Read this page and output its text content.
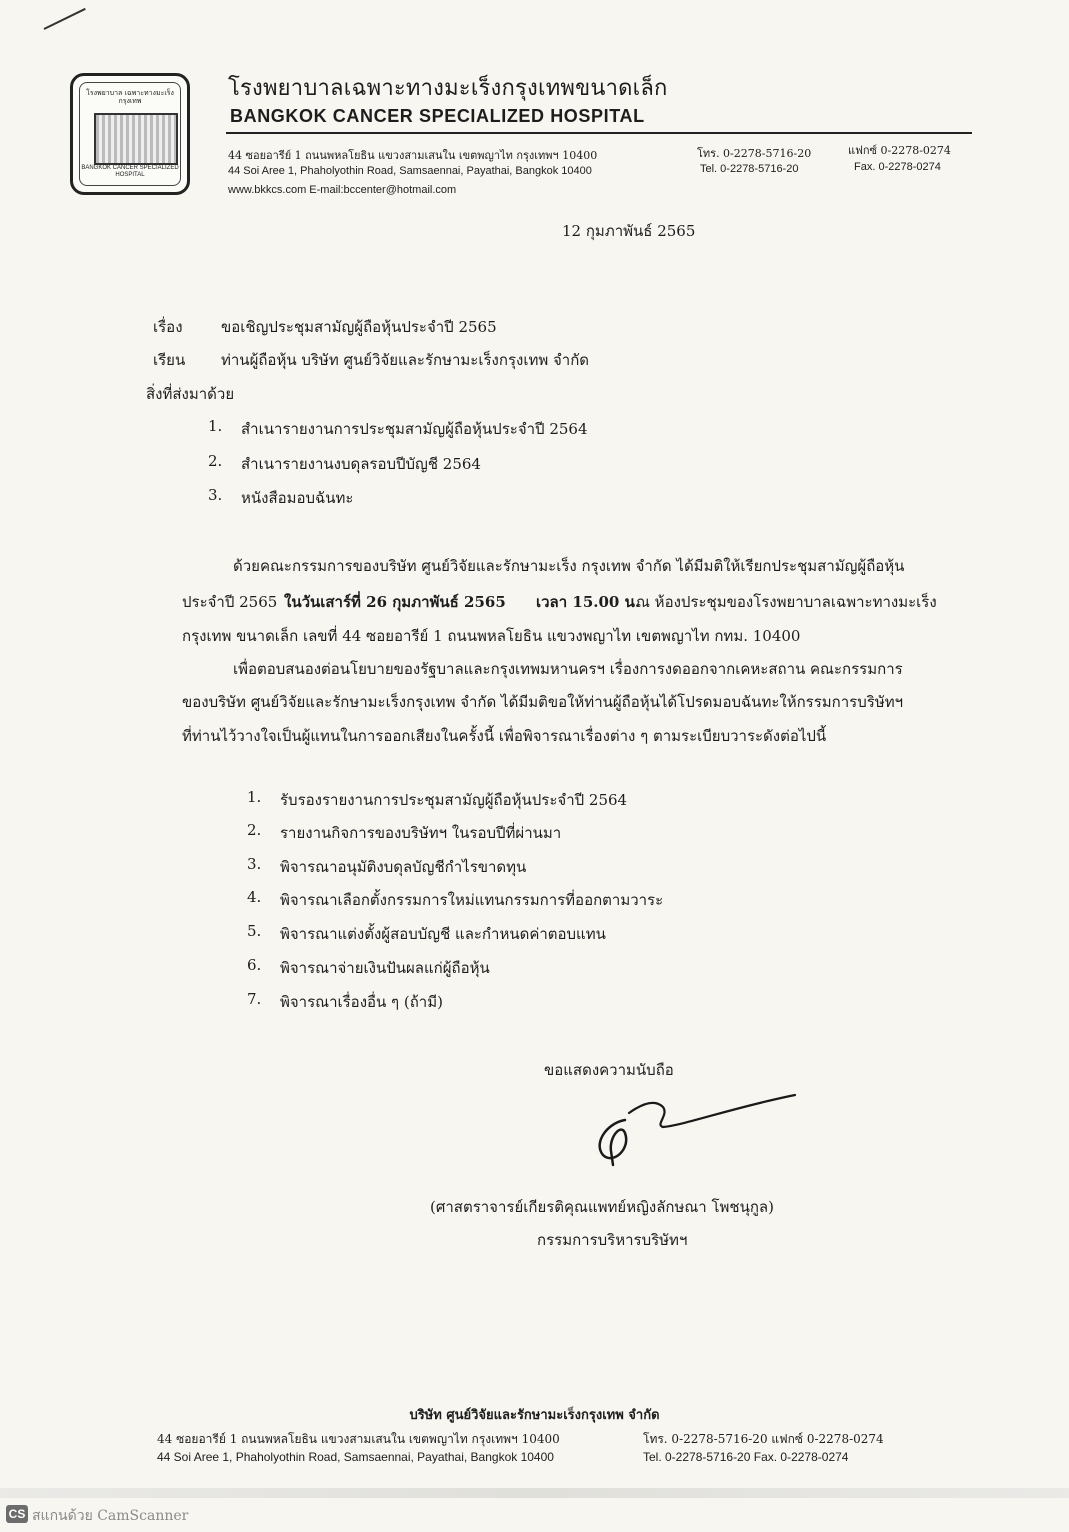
โรงพยาบาล เฉพาะทางมะเร็งกรุงเทพ
BANGKOK CANCER SPECIALIZED HOSPITAL
โรงพยาบาลเฉพาะทางมะเร็งกรุงเทพขนาดเล็ก
BANGKOK CANCER SPECIALIZED HOSPITAL
44 ซอยอารีย์ 1 ถนนพหลโยธิน แขวงสามเสนใน เขตพญาไท กรุงเทพฯ 10400
44 Soi Aree 1, Phaholyothin Road, Samsaennai, Payathai, Bangkok 10400
www.bkkcs.com E-mail:bccenter@hotmail.com
โทร. 0-2278-5716-20	แฟกซ์ 0-2278-0274
Tel. 0-2278-5716-20	Fax. 0-2278-0274
12 กุมภาพันธ์ 2565
เรื่อง	ขอเชิญประชุมสามัญผู้ถือหุ้นประจำปี 2565
เรียน ท่านผู้ถือหุ้น บริษัท ศูนย์วิจัยและรักษามะเร็งกรุงเทพ จำกัด
สิ่งที่ส่งมาด้วย
1. สำเนารายงานการประชุมสามัญผู้ถือหุ้นประจำปี 2564
2. สำเนารายงานงบดุลรอบปีบัญชี 2564
3. หนังสือมอบฉันทะ
ด้วยคณะกรรมการของบริษัท ศูนย์วิจัยและรักษามะเร็ง กรุงเทพ จำกัด ได้มีมติให้เรียกประชุมสามัญผู้ถือหุ้น
ประจำปี 2565 ในวันเสาร์ที่ 26 กุมภาพันธ์ 2565 เวลา 15.00 น.
ณ ห้องประชุมของโรงพยาบาลเฉพาะทางมะเร็ง
กรุงเทพ ขนาดเล็ก เลขที่ 44 ซอยอารีย์ 1 ถนนพหลโยธิน แขวงพญาไท เขตพญาไท กทม. 10400
เพื่อตอบสนองต่อนโยบายของรัฐบาลและกรุงเทพมหานครฯ เรื่องการงดออกจากเคหะสถาน คณะกรรมการ
ของบริษัท ศูนย์วิจัยและรักษามะเร็งกรุงเทพ จำกัด ได้มีมติขอให้ท่านผู้ถือหุ้นได้โปรดมอบฉันทะให้กรรมการบริษัทฯ
ที่ท่านไว้วางใจเป็นผู้แทนในการออกเสียงในครั้งนี้ เพื่อพิจารณาเรื่องต่าง ๆ ตามระเบียบวาระดังต่อไปนี้
1. รับรองรายงานการประชุมสามัญผู้ถือหุ้นประจำปี 2564
2. รายงานกิจการของบริษัทฯ ในรอบปีที่ผ่านมา
3. พิจารณาอนุมัติงบดุลบัญชีกำไรขาดทุน
4. พิจารณาเลือกตั้งกรรมการใหม่แทนกรรมการที่ออกตามวาระ
5. พิจารณาแต่งตั้งผู้สอบบัญชี และกำหนดค่าตอบแทน
6. พิจารณาจ่ายเงินปันผลแก่ผู้ถือหุ้น
7. พิจารณาเรื่องอื่น ๆ (ถ้ามี)
ขอแสดงความนับถือ
(ศาสตราจารย์เกียรติคุณแพทย์หญิงลักษณา โพชนุกูล)
กรรมการบริหารบริษัทฯ
บริษัท ศูนย์วิจัยและรักษามะเร็งกรุงเทพ จำกัด
44 ซอยอารีย์ 1 ถนนพหลโยธิน แขวงสามเสนใน เขตพญาไท กรุงเทพฯ 10400
44 Soi Aree 1, Phaholyothin Road, Samsaennai, Payathai, Bangkok 10400
โทร. 0-2278-5716-20 แฟกซ์ 0-2278-0274
Tel. 0-2278-5716-20 Fax. 0-2278-0274
CS สแกนด้วย CamScanner
